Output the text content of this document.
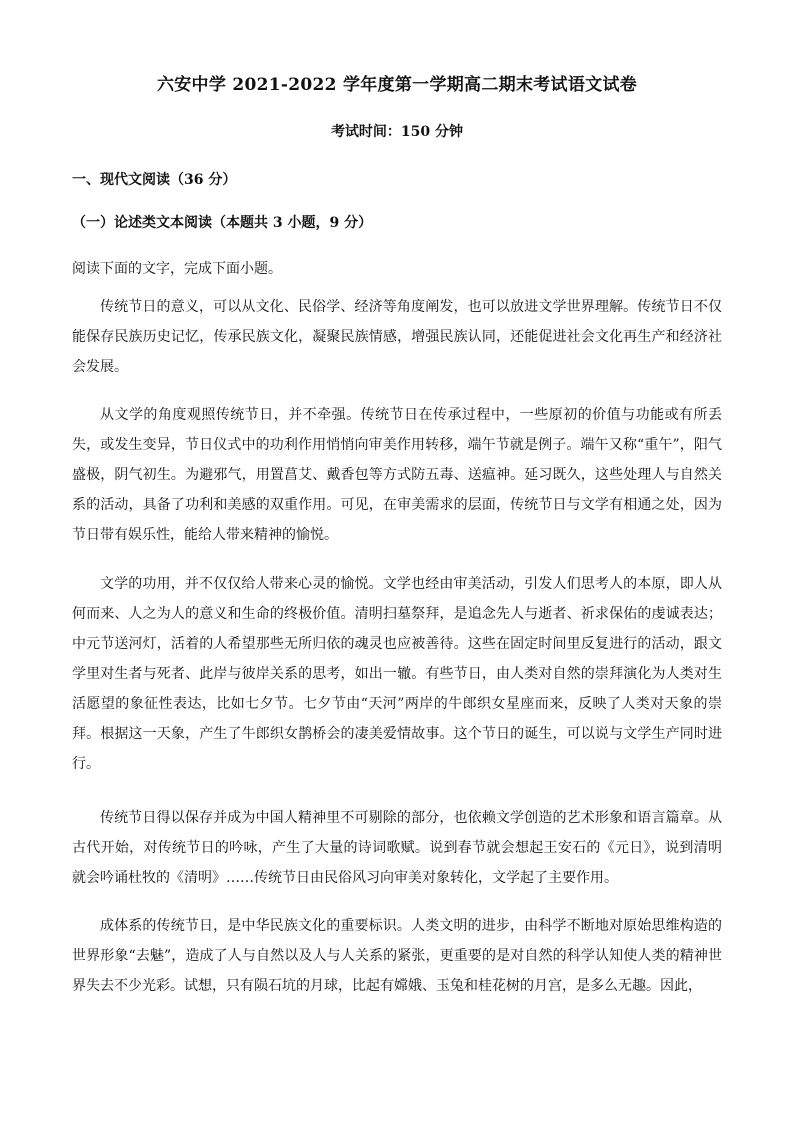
六安中学 2021-2022 学年度第一学期高二期末考试语文试卷
考试时间：150 分钟
一、现代文阅读（36 分）
（一）论述类文本阅读（本题共 3 小题，9 分）
阅读下面的文字，完成下面小题。

传统节日的意义，可以从文化、民俗学、经济等角度阐发，也可以放进文学世界理解。传统节日不仅能保存民族历史记忆，传承民族文化，凝聚民族情感，增强民族认同，还能促进社会文化再生产和经济社会发展。

从文学的角度观照传统节日，并不牵强。传统节日在传承过程中，一些原初的价值与功能或有所丢失，或发生变异，节日仪式中的功利作用悄悄向审美作用转移，端午节就是例子。端午又称“重午”，阳气盛极，阴气初生。为避邪气，用置菖艾、戴香包等方式防五毒、送瘟神。延习既久，这些处理人与自然关系的活动，具备了功利和美感的双重作用。可见，在审美需求的层面，传统节日与文学有相通之处，因为节日带有娱乐性，能给人带来精神的愉悦。

文学的功用，并不仅仅给人带来心灵的愉悦。文学也经由审美活动，引发人们思考人的本原，即人从何而来、人之为人的意义和生命的终极价值。清明扫墓祭拜，是追念先人与逝者、祈求保佑的虔诚表达；中元节送河灯，活着的人希望那些无所归依的魂灵也应被善待。这些在固定时间里反复进行的活动，跟文学里对生者与死者、此岸与彼岸关系的思考，如出一辙。有些节日，由人类对自然的崇拜演化为人类对生活愿望的象征性表达，比如七夕节。七夕节由“天河”两岸的牛郎织女星座而来，反映了人类对天象的崇拜。根据这一天象，产生了牛郎织女鹊桥会的凄美爱情故事。这个节日的诞生，可以说与文学生产同时进行。

传统节日得以保存并成为中国人精神里不可剔除的部分，也依赖文学创造的艺术形象和语言篇章。从古代开始，对传统节日的吟咏，产生了大量的诗词歌赋。说到春节就会想起王安石的《元日》，说到清明就会吟诵杜牧的《清明》……传统节日由民俗风习向审美对象转化，文学起了主要作用。

成体系的传统节日，是中华民族文化的重要标识。人类文明的进步，由科学不断地对原始思维构造的世界形象“去魅”，造成了人与自然以及人与人关系的紧张，更重要的是对自然的科学认知使人类的精神世界失去不少光彩。试想，只有陨石坑的月球，比起有嫦娥、玉兔和桂花树的月宫，是多么无趣。因此，
